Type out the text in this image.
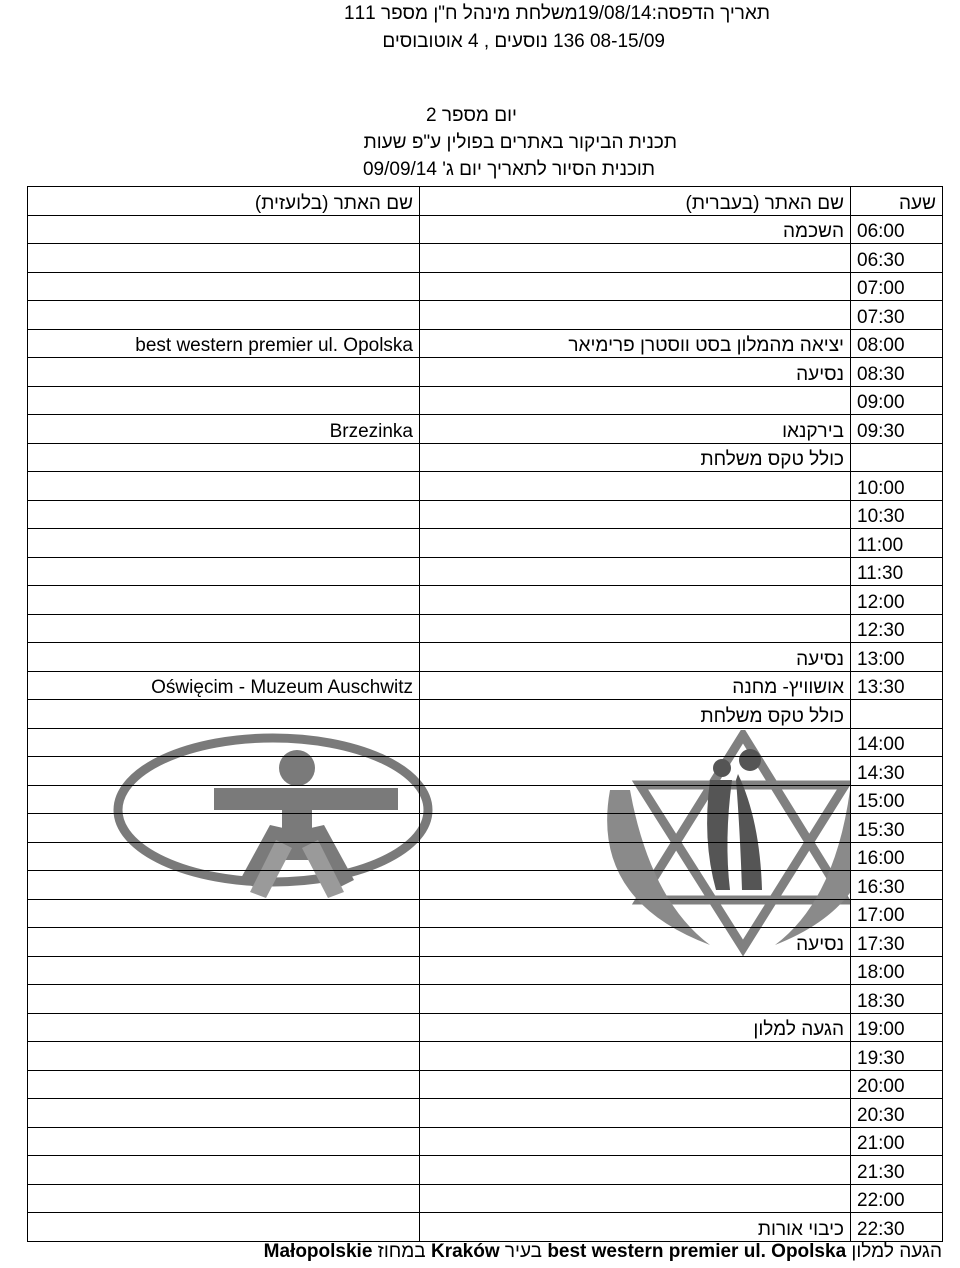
תאריך הדפסה:19/08/14משלחת מינהל ח"ן מספר 111
08-15/09 136 נוסעים , 4 אוטובוסים
יום מספר 2
תכנית הביקור באתרים בפולין ע"פ שעות
תוכנית הסיור לתאריך יום ג' 09/09/14
שם האתר (בלועזית)	שם האתר (בעברית)	שעה
	השכמה	06:00
		06:30
		07:00
		07:30
best western premier ul. Opolska	יציאה מהמלון בסט ווסטרן פרימיאר	08:00
	נסיעה	08:30
		09:00
Brzezinka	בירקנאו	09:30
	כולל טקס משלחת	
		10:00
		10:30
		11:00
		11:30
		12:00
		12:30
	נסיעה	13:00
Oświęcim - Muzeum Auschwitz	אושוויץ- מחנה	13:30
	כולל טקס משלחת	
		14:00
		14:30
		15:00
		15:30
		16:00
		16:30
		17:00
	נסיעה	17:30
		18:00
		18:30
	הגעה למלון	19:00
		19:30
		20:00
		20:30
		21:00
		21:30
		22:00
	כיבוי אורות	22:30
הגעה למלון best western premier ul. Opolska בעיר Kraków במחוז Małopolskie
